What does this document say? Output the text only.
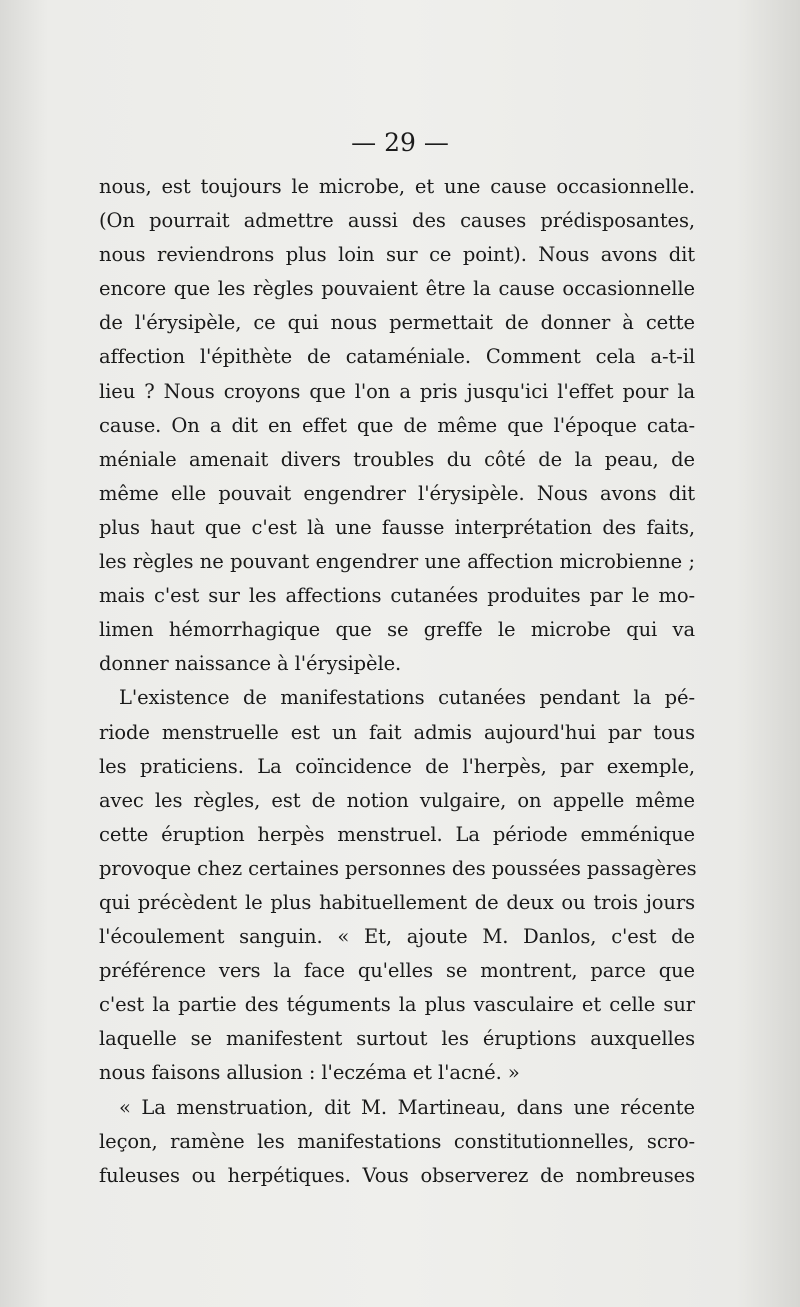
— 29 —
nous, est toujours le microbe, et une cause occasionnelle.
(On pourrait admettre aussi des causes prédisposantes,
nous reviendrons plus loin sur ce point). Nous avons dit
encore que les règles pouvaient être la cause occasionnelle
de l'érysipèle, ce qui nous permettait de donner à cette
affection l'épithète de cataméniale. Comment cela a-t-il
lieu ? Nous croyons que l'on a pris jusqu'ici l'effet pour la
cause. On a dit en effet que de même que l'époque cata-
méniale amenait divers troubles du côté de la peau, de
même elle pouvait engendrer l'érysipèle. Nous avons dit
plus haut que c'est là une fausse interprétation des faits,
les règles ne pouvant engendrer une affection microbienne ;
mais c'est sur les affections cutanées produites par le mo-
limen hémorrhagique que se greffe le microbe qui va
donner naissance à l'érysipèle.
L'existence de manifestations cutanées pendant la pé-
riode menstruelle est un fait admis aujourd'hui par tous
les praticiens. La coïncidence de l'herpès, par exemple,
avec les règles, est de notion vulgaire, on appelle même
cette éruption herpès menstruel. La période emménique
provoque chez certaines personnes des poussées passagères
qui précèdent le plus habituellement de deux ou trois jours
l'écoulement sanguin. « Et, ajoute M. Danlos, c'est de
préférence vers la face qu'elles se montrent, parce que
c'est la partie des téguments la plus vasculaire et celle sur
laquelle se manifestent surtout les éruptions auxquelles
nous faisons allusion : l'eczéma et l'acné. »
« La menstruation, dit M. Martineau, dans une récente
leçon, ramène les manifestations constitutionnelles, scro-
fuleuses ou herpétiques. Vous observerez de nombreuses
